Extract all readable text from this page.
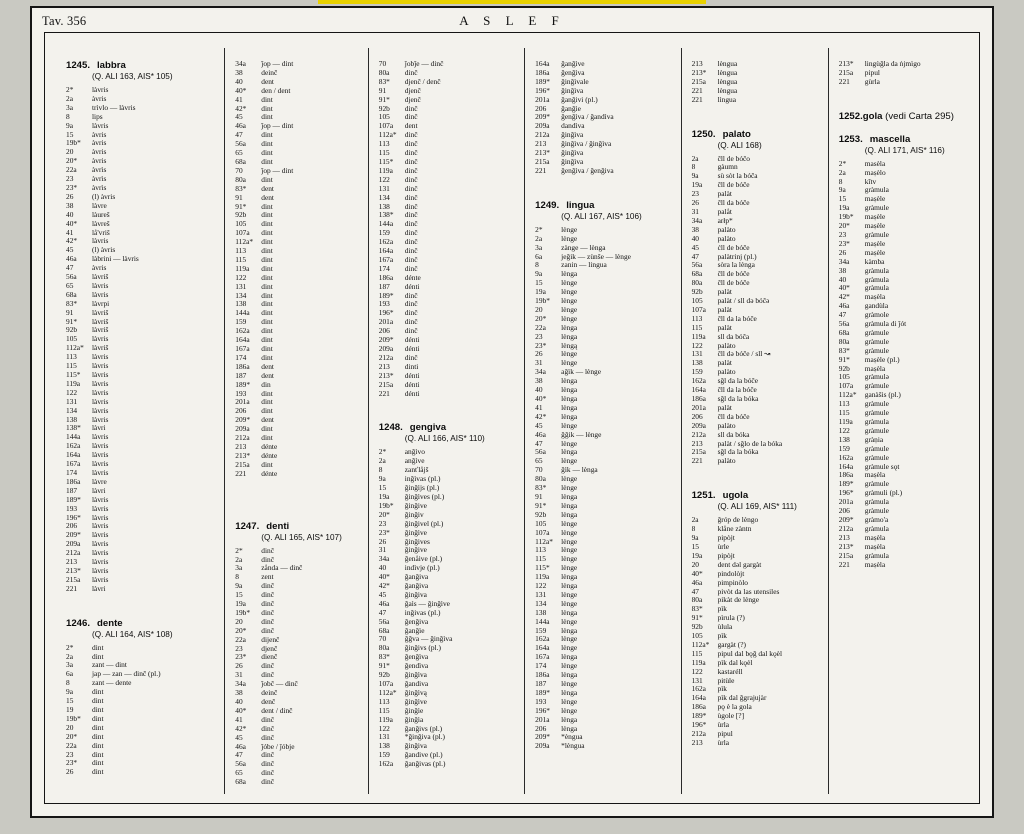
Tav. 356	A S L E F
1245. labbra
(Q. ALI 163, AIS* 105)
2*	làvris
2a	àvris
3a	trìvlo — làvris
8	lips
9a	làvris
15	àvris
19b*	àvris
20	àvris
20*	àvris
22a	àvrìs
23	àvrìs
23*	àvrìs
26	(l) àvris
38	làvre
40	làureš
40*	làvreš
41	lå'vriš
42*	làvris
45	(l) àvris
46a	làbrini — làvris
47	àvris
56a	làvriš
65	làvris
68a	làvris
83*	làvrpi
91	làvriš
91*	làvriš
92b	làvriš
105	làvris
112a*	làvriš
113	làvris
115	làvris
115*	làvris
119a	làvris
122	làvris
131	làvris
134	làvris
138	làvris
138*	làvri
144a	làvris
162a	làvris
164a	làvris
167a	làvris
174	làvris
186a	làvre
187	làvri
189*	làvris
193	làvris
196*	làvris
206	làvris
209*	làvris
209a	làvris
212a	làvris
213	làvris
213*	làvris
215a	làvris
221	làvri
1246. dente
(Q. ALI 164, AIS* 108)
2*	dint
2a	dint
3a	zant — dint
6a	jap — zan — dinč (pl.)
8	zant — dente
9a	dint
15	dint
19	dint
19b*	dint
20	dint
20*	dint
22a	dint
23	dint
23*	dint
26	dint
34a	ǰop — dint
38	deinč
40	dent
40*	den / dent
41	dint
42*	dint
45	dint
46a	ǰop — dint
47	dint
56a	dint
65	dint
68a	dint
70	ǰop — dint
80a	dint
83*	dent
91	dent
91*	dint
92b	dint
105	dint
107a	dint
112a*	dint
113	dint
115	dint
119a	dint
122	dint
131	dint
134	dint
138	dint
144a	dint
159	dint
162a	dint
164a	dint
167a	dint
174	dint
186a	dent
187	dent
189*	din
193	dint
201a	dint
206	dint
209*	dent
209a	dint
212a	dint
213	dénte
213*	dénte
215a	dint
221	dénte
1247. denti
(Q. ALI 165, AIS* 107)
2*	dinč
2a	dinč
3a	zånda — dinč
8	zent
9a	dinč
15	dinč
19a	dinč
19b*	dinč
20	dinč
20*	dinč
22a	dijenč
23	djenč
23*	dienč
26	dinč
31	dinč
34a	ǰobč — dinč
38	deinč
40	denč
40*	dent / dinč
41	dinč
42*	dinč
45	dinč
46a	ǰóbe / ǰóbje
47	dinč
56a	dinč
65	dinč
68a	dinč
70	ǰobǰe — dinč
80a	dinč
83*	djenč / denč
91	djenč
91*	djenč
92b	dinč
105	dinč
107a	dent
112a*	dinč
113	dinč
115	dinč
115*	dinč
119a	dinč
122	dinč
131	dinč
134	dinč
138	dinč
138*	dinč
144a	dinč
159	dinč
162a	dinč
164a	dinč
167a	dinč
174	dinč
186a	dénte
187	dénti
189*	dinč
193	dinč
196*	dinč
201a	dinč
206	dinč
209*	dénti
209a	dénti
212a	dinč
213	dinti
213*	dénti
215a	dénti
221	dénti
1248. gengiva
(Q. ALI 166, AIS* 110)
2*	anǧìvo
2a	anǧìve
8	zanťlåjš
9a	inǧìvas (pl.)
15	ǧinǧìjs (pl.)
19a	ǧinǧìves (pl.)
19b*	ǧinǧive
20*	ǧinǧiv
23	ǧinǧivel (pl.)
23*	ǧinǧìve
26	ǧinǧives
31	ǧinǧive
34a	ǧenåive (pl.)
40	indìvje (pl.)
40*	ǧanǧiva
42*	ǧanǧiva
45	ǧinǧiva
46a	ǧaìs — ǧinǧìve
47	inǧivas (pl.)
56a	ǧenǧiva
68a	ǧanǧìe
70	ǧǧva — ǧinǧìva
80a	ǧinǧivs (pl.)
83*	ǧenǧìva
91*	ǧendìva
92b	ǧinǧìva
107a	ǧandiva
112a*	ǧinǧìvą
113	ǧinǧìve
115	ǧinǧìe
119a	ǧinǧìa
122	ǧanǧivs (pl.)
131	*ǧinǧiva (pl.)
138	ǧinǧiva
159	ǧandive (pl.)
162a	ǧanǧivas (pl.)
164a	ǧanǧìve
186a	ǧenǧìva
189*	ǧinǧìvale
196*	ǧinǧìva
201a	ǧanǧivi (pl.)
206	ǧanǧìe
209*	ǧenǧìva / ǧandìva
209a	dandìva
212a	ǧinǧìva
213	ǧinǧìva / ǧinǧìva
213*	ǧinǧìva
215a	ǧinǧìva
221	ǧenǧìva / ǧenǧiva
1249. lingua
(Q. ALI 167, AIS* 106)
2*	lènge
2a	lènge
3a	zànge — lènga
6a	jeǧik — zùnše — lènge
8	zanin — lingua
9a	lènga
15	lènge
19a	lènge
19b*	lènge
20	lènge
20*	lènge
22a	lènga
23	lènga
23*	lèngą
26	lènge
31	lènge
34a	aǧìk — lènge
38	lènga
40	lènga
40*	lènga
41	lènga
42*	lènga
45	lènge
46a	ǧǧik — lènge
47	lènge
56a	lènga
65	lènge
70	ǧìk — lènga
80a	lènge
83*	lènge
91	lènga
91*	lènga
92b	lènga
105	lènge
107a	lènge
112a*	lènge
113	lènge
115	lènge
115*	lènge
119a	lènga
122	lènga
131	lènge
134	lènge
138	lènga
144a	lènge
159	lènga
162a	lènge
164a	lènge
167a	lènga
174	lènge
186a	lènga
187	lènge
189*	lènga
193	lènge
196*	lènge
201a	lènga
206	lènga
209*	*èngua
209a	*lèngua
213	lèngua
213*	lèngua
215a	lèngua
221	lèngua
221	lìngua
1250. palato
(Q. ALI 168)
2a	čll de bóčo
8	gàumn
9a	sù sòt la bóča
19a	čll de bóče
23	palàt
26	čll da bóče
31	palåt
34a	arłp*
38	palàto
40	palàto
45	ćll de bóče
47	palàtrinj (pl.)
56a	sòra la lènga
68a	čll de bóče
80a	čll de bóče
92b	palàt
105	palàt / sll də bóčə
107a	palàt
113	čll da la bóče
115	palàt
119a	sll da bóča
122	palàto
131	čll də bóče / sll ↝
138	palàt
159	palàto
162a	sǧl da la bóče
164a	čll da la bóče
186a	sǧl da la bóka
201a	palàt
206	čll da bóče
209a	palàto
212a	sll da bóka
213	palàt / sǧlo de la bóka
215a	sǧl da la bóka
221	palàto
1251. ugola
(Q. ALI 169, AIS* 111)
2a	ǧróp de lèngo
8	klåne zàntn
9a	pipòjt
15	ùrle
19a	pipòjt
20	dent dəl gargàt
40*	pindolòjt
46a	pimpinòlo
47	pivòt da las utensiles
80a	pikàt de lènge
83*	pìk
91*	pìrula (?)
92b	ùlula
105	pìk
112a*	gargàt (?)
115	pipul dal bǫǧ dal kǫèl
119a	pìk dal kǫèl
122	kastaréll
131	pitùle
162a	pìk
164a	pìk dal ǧgrajujàr
186a	pǫ è la gola
189*	ùgole [?]
196*	ùrla
212a	pipul
213	ùrla
213*	lingùǧla da ṅjmìgo
215a	pipul
221	gùrla
1252.gola (vedi Carta 295)
1253. mascella
(Q. ALI 171, AIS* 116)
2*	masèla
2a	maṣèlo
8	kĭtv
9a	gràmula
15	maṣèle
19a	gràmule
19b*	maṣèle
20*	maṣèle
23	gràmule
23*	maṣèle
26	maṣèle
34a	kàmba
38	gràmula
40	gràmula
40*	gràmula
42*	maṣèla
46a	gandùla
47	gràmole
56a	gràmula di ǰót
68a	gràmule
80a	gràmule
83*	gràmule
91*	maṣèle (pl.)
92b	maṣèla
105	gràmulə
107a	gràmule
112a*	ganàšis (pl.)
113	gràmule
115	gràmule
119a	gràmula
122	gràmule
138	gràṇia
159	gràmule
162a	gràmule
164a	gràmule sǫt
186a	maṣèla
189*	gràmule
196*	gràmuli (pl.)
201a	gràmula
206	gràmule
209*	gràmo'a
212a	gràmula
213	maṣèla
213*	maṣèla
215a	gràmula
221	maṣèla
